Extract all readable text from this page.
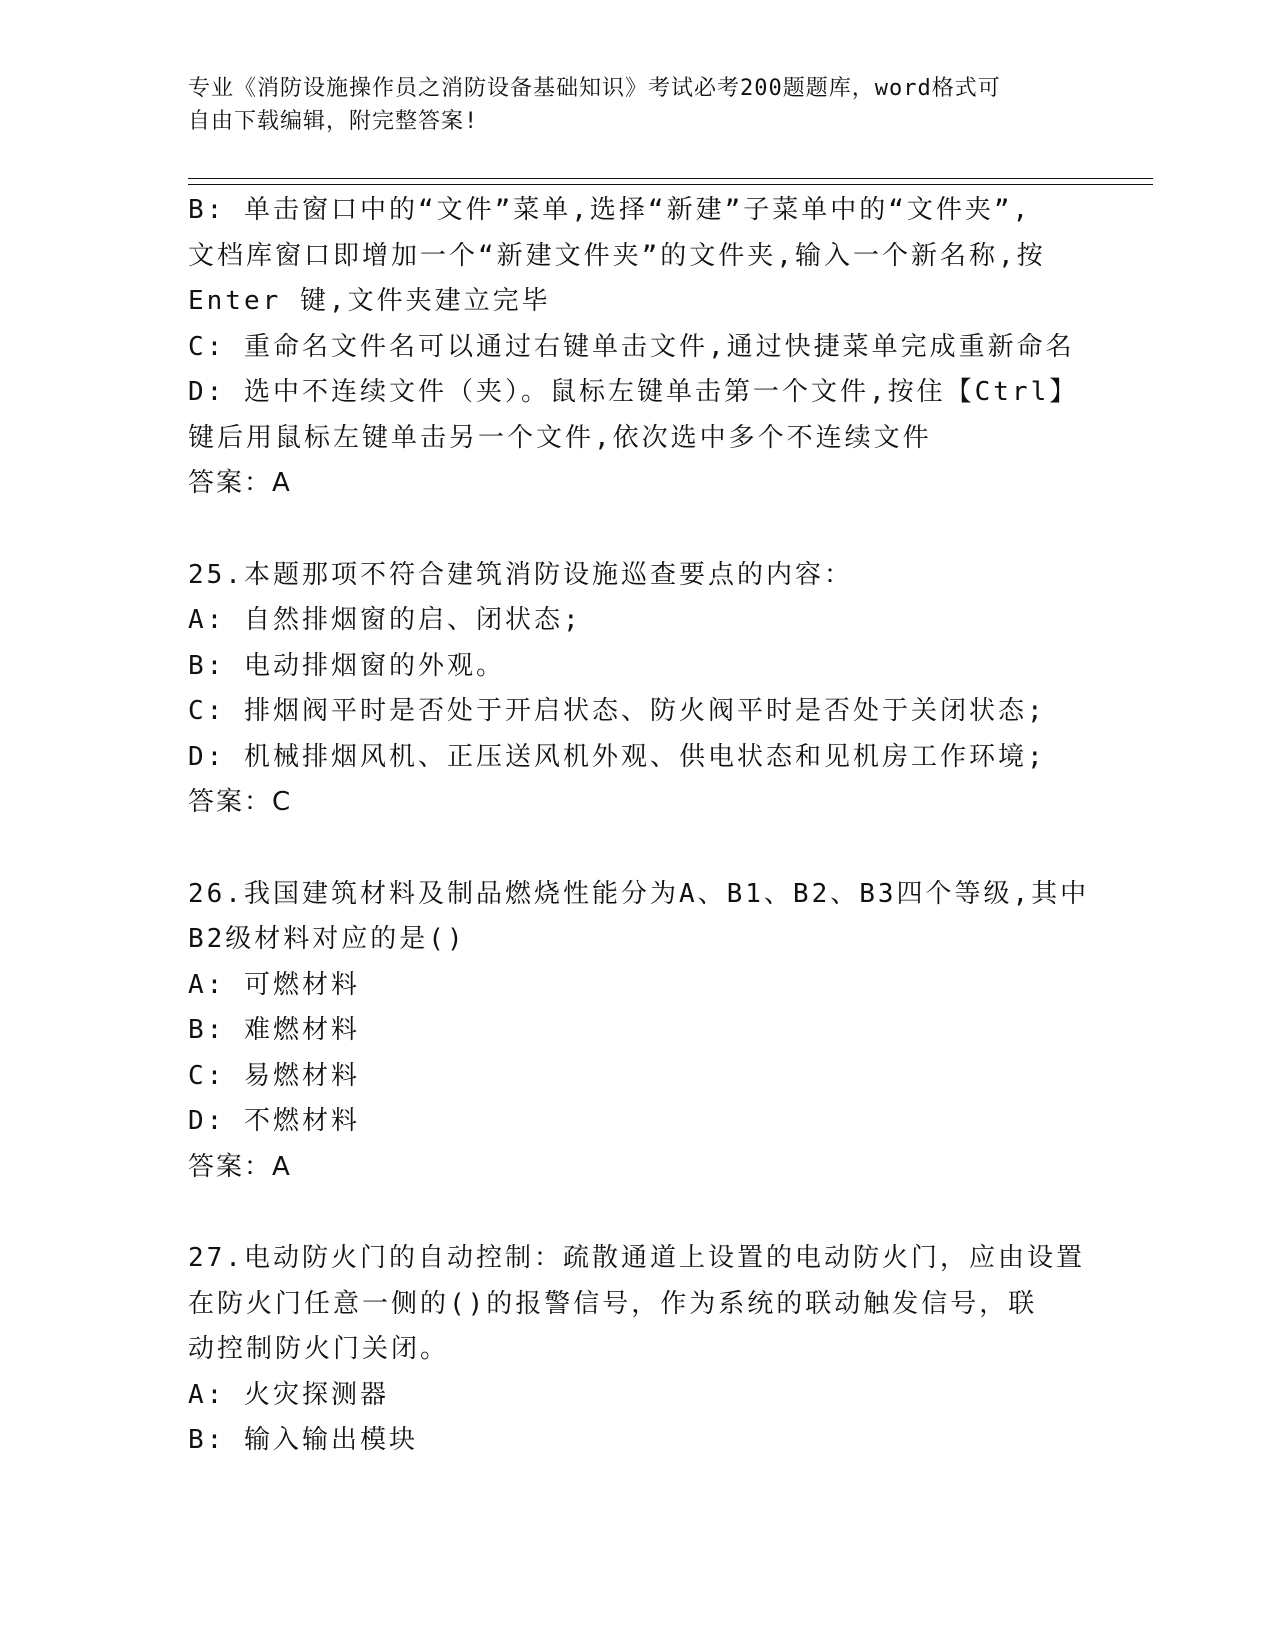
专业《消防设施操作员之消防设备基础知识》考试必考200题题库，word格式可
自由下载编辑，附完整答案!
B: 单击窗口中的“文件”菜单,选择“新建”子菜单中的“文件夹”,
文档库窗口即增加一个“新建文件夹”的文件夹,输入一个新名称,按
Enter 键,文件夹建立完毕
C: 重命名文件名可以通过右键单击文件,通过快捷菜单完成重新命名
D: 选中不连续文件（夹）。鼠标左键单击第一个文件,按住【Ctrl】
键后用鼠标左键单击另一个文件,依次选中多个不连续文件
答案：A
25.本题那项不符合建筑消防设施巡查要点的内容：
A: 自然排烟窗的启、闭状态;
B: 电动排烟窗的外观。
C: 排烟阀平时是否处于开启状态、防火阀平时是否处于关闭状态;
D: 机械排烟风机、正压送风机外观、供电状态和见机房工作环境;
答案：C
26.我国建筑材料及制品燃烧性能分为A、B1、B2、B3四个等级,其中
B2级材料对应的是()
A: 可燃材料
B: 难燃材料
C: 易燃材料
D: 不燃材料
答案：A
27.电动防火门的自动控制：疏散通道上设置的电动防火门，应由设置
在防火门任意一侧的()的报警信号，作为系统的联动触发信号，联
动控制防火门关闭。
A: 火灾探测器
B: 输入输出模块
